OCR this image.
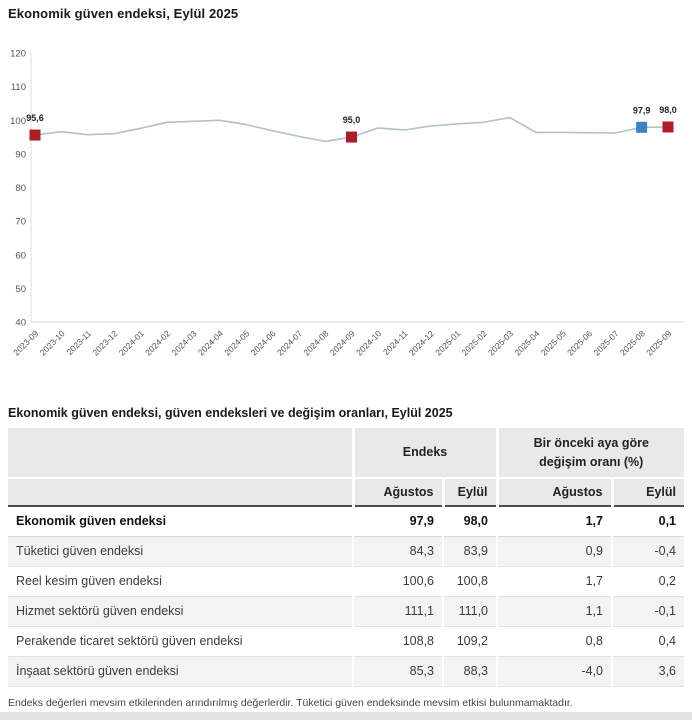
Ekonomik güven endeksi, Eylül 2025
40
50
60
70
80
90
100
110
120
2023-09
2023-10
2023-11
2023-12
2024-01
2024-02
2024-03
2024-04
2024-05
2024-06
2024-07
2024-08
2024-09
2024-10
2024-11
2024-12
2025-01
2025-02
2025-03
2025-04
2025-05
2025-06
2025-07
2025-08
2025-09
95,6	95,0
97,9 98,0
Ekonomik güven endeksi, güven endeksleri ve değişim oranları, Eylül 2025
	Endeks		Bir önceki aya göre değişim oranı (%)	
	Ağustos	Eylül	Ağustos	Eylül
Ekonomik güven endeksi	97,9	98,0	1,7	0,1
Tüketici güven endeksi	84,3	83,9	0,9	-0,4
Reel kesim güven endeksi	100,6	100,8	1,7	0,2
Hizmet sektörü güven endeksi	111,1	111,0	1,1	-0,1
Perakende ticaret sektörü güven endeksi	108,8	109,2	0,8	0,4
İnşaat sektörü güven endeksi	85,3	88,3	-4,0	3,6
Endeks değerleri mevsim etkilerinden arındırılmış değerlerdir. Tüketici güven endeksinde mevsim etkisi bulunmamaktadır.
